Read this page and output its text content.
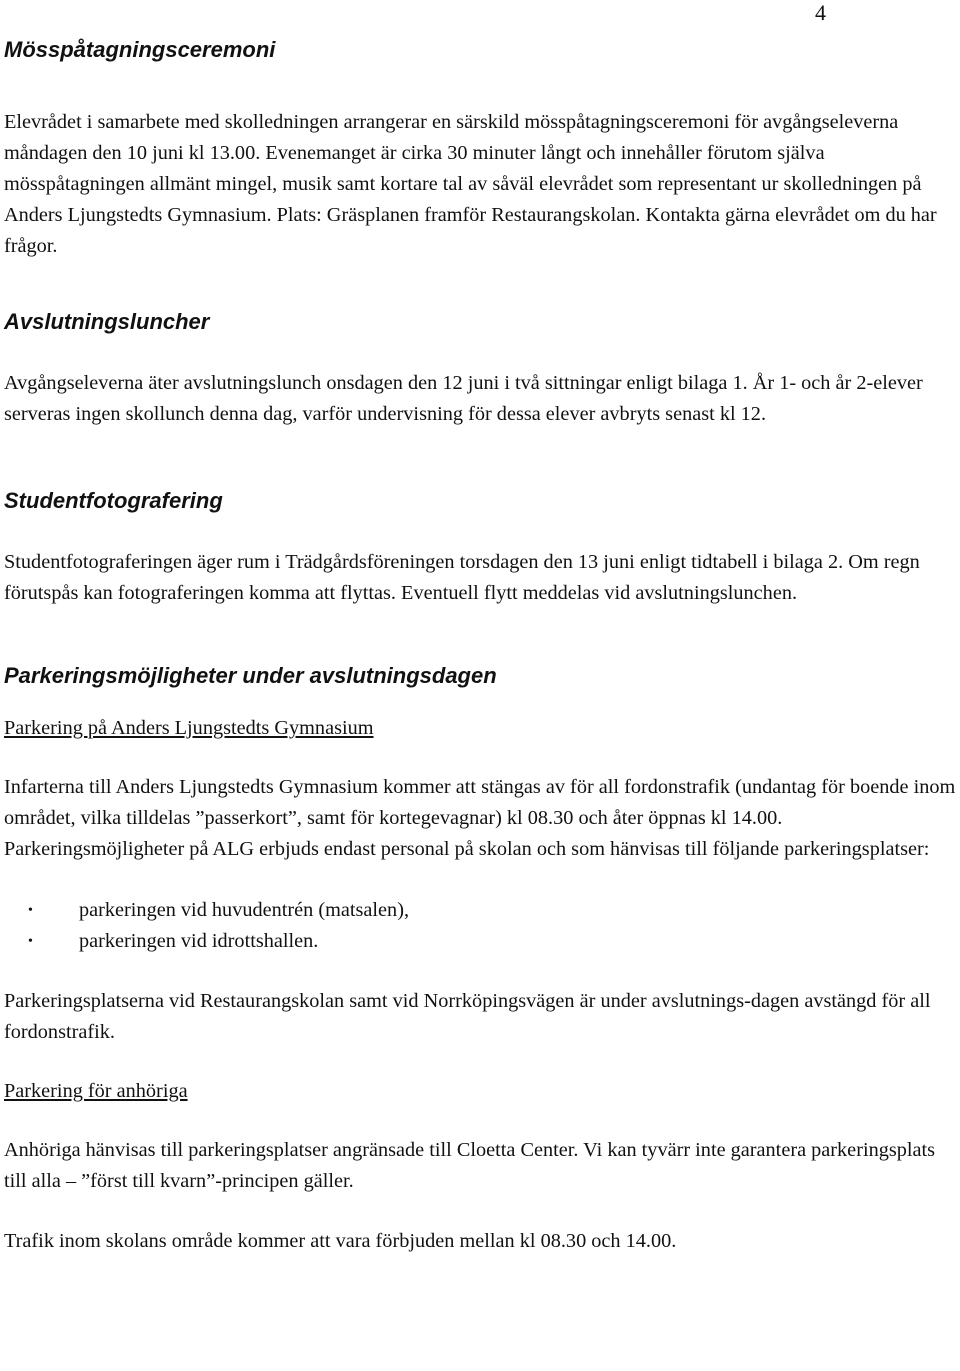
4
Mösspåtagningsceremoni

Elevrådet i samarbete med skolledningen arrangerar en särskild mösspåtagningsceremoni för avgångseleverna måndagen den 10 juni kl 13.00. Evenemanget är cirka 30 minuter långt och innehåller förutom själva mösspåtagningen allmänt mingel, musik samt kortare tal av såväl elevrådet som representant ur skolledningen på Anders Ljungstedts Gymnasium. Plats: Gräsplanen framför Restaurangskolan. Kontakta gärna elevrådet om du har frågor.

Avslutningsluncher

Avgångseleverna äter avslutningslunch onsdagen den 12 juni i två sittningar enligt bilaga 1. År 1- och år 2-elever serveras ingen skollunch denna dag, varför undervisning för dessa elever avbryts senast kl 12.

Studentfotografering

Studentfotograferingen äger rum i Trädgårdsföreningen torsdagen den 13 juni enligt tidtabell i bilaga 2. Om regn förutspås kan fotograferingen komma att flyttas. Eventuell flytt meddelas vid avslutningslunchen.

Parkeringsmöjligheter under avslutningsdagen

Parkering på Anders Ljungstedts Gymnasium

Infarterna till Anders Ljungstedts Gymnasium kommer att stängas av för all fordonstrafik (undantag för boende inom området, vilka tilldelas ”passerkort”, samt för kortegevagnar) kl 08.30 och åter öppnas kl 14.00. Parkeringsmöjligheter på ALG erbjuds endast personal på skolan och som hänvisas till följande parkeringsplatser:

• parkeringen vid huvudentrén (matsalen),
• parkeringen vid idrottshallen.

Parkeringsplatserna vid Restaurangskolan samt vid Norrköpingsvägen är under avslutnings-dagen avstängd för all fordonstrafik.

Parkering för anhöriga

Anhöriga hänvisas till parkeringsplatser angränsade till Cloetta Center. Vi kan tyvärr inte garantera parkeringsplats till alla – ”först till kvarn”-principen gäller.

Trafik inom skolans område kommer att vara förbjuden mellan kl 08.30 och 14.00.
